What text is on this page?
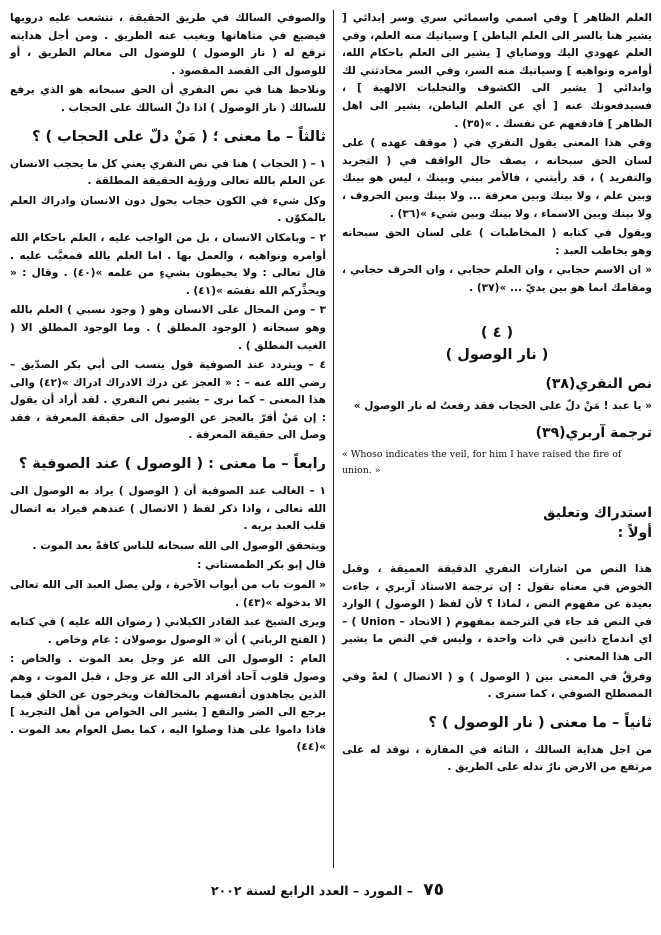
العلم الظاهر ] وفي اسمي واسمائي سري وسر إبدائي [ يشير هنا بالسر الى العلم الباطن ] وسياتيك منه العلم، وفي العلم عهودي اليك ووصاياي [ يشير الى العلم باحكام الله، أوامره ونواهيه ] وسياتيك منه السر، وفي السر محادثتي لك وابدائي [ يشير الى الكشوف والتجليات الالهية ] ، فسيدفعونك عنه [ أي عن العلم الباطن، يشير الى اهل الظاهر ] فادفعهم عن نفسك . »(٣٥) .

وفي هذا المعنى يقول النفري في ( موقف عهده ) على لسان الحق سبحانه ، يصف حال الواقف في ( التجريد والتفريد ) ، قد رأيتني ، فالأمر بيني وبينك ، ليس هو بينك وبين علم ، ولا بينك وبين معرفة ... ولا بينك وبين الحروف ، ولا بينك وبين الاسماء ، ولا بينك وبين شيء »(٣٦) .

ويقول في كتابه ( المخاطبات ) على لسان الحق سبحانه وهو يخاطب العبد :

« ان الاسم حجابي ، وان العلم حجابي ، وان الحرف حجابي ، ومقامك انما هو بين يديّ ... »(٣٧) .

( ٤ )
( نار الوصول )
نص النفري(٣٨)

« يا عبد ! مَنْ دلّ على الحجاب فقد رفعتُ له نار الوصول »

ترجمة آربري(٣٩)

« Whoso indicates the veil, for him I have raised the fire of union. »

استدراك وتعليق
أولاً :

هذا النص من اشارات النفري الدقيقة العميقة ، وقبل الخوض في معناه نقول : إن ترجمة الاستاذ آربري ، جاءت بعيدة عن مفهوم النص ، لماذا ؟ لأن لفظ ( الوصول ) الوارد في النص قد جاء في الترجمة بمفهوم ( الاتحاد – Union ) – اي اندماج ذاتين في ذات واحدة ، وليس في النص ما يشير الى هذا المعنى .

وفرقٌ في المعنى بين ( الوصول ) و ( الاتصال ) لغةً وفي المصطلح الصوفي ، كما سنرى .

ثانياً – ما معنى ( نار الوصول ) ؟

من اجل هداية السالك ، التائه في المفازة ، توقد له على مرتفع من الارض نارٌ تدله على الطريق .

والصوفي السالك في طريق الحقيقة ، تتشعب عليه دروبها فيضيع في متاهاتها ويغيب عنه الطريق . ومن أجل هدايته ترفع له ( نار الوصول ) للوصول الى معالم الطريق ، أو للوصول الى القصد المقصود .

ونلاحظ هنا في نص النفري أن الحق سبحانه هو الذي يرفع للسالك ( نار الوصول ) اذا دلّ السالك على الحجاب .

ثالثاً – ما معنى ؛ ( مَنْ دلّ على الحجاب ) ؟

١ – ( الحجاب ) هنا في نص النفري يعني كل ما يحجب الانسان عن العلم بالله تعالى ورؤية الحقيقة المطلقة .

وكل شيء في الكون حجاب يحول دون الانسان وادراك العلم بالمكوّن .

٢ – وبامكان الانسان ، بل من الواجب عليه ، العلم باحكام الله أوامره ونواهيه ، والعمل بها . اما العلم بالله فمغيَّب عليه . قال تعالى : ولا يحيطون بشيءٍ من علمه »(٤٠) . وقال : « ويحذِّركم الله نفسَه »(٤١) .

٣ – ومن المحال على الانسان وهو ( وجود نسبي ) العلم بالله وهو سبحانه ( الوجود المطلق ) . وما الوجود المطلق الا ( الغيب المطلق ) .

٤ – ويتردد عند الصوفية قول ينسب الى أبي بكر الصدّيق – رضي الله عنه – : « العجز عن درك الادراك ادراك »(٤٢) والى هذا المعنى – كما نرى – يشير نص النفري . لقد أراد أن يقول : إن مَنْ أقرّ بالعجز عن الوصول الى حقيقة المعرفة ، فقد وصل الى حقيقة المعرفة .

رابعاً – ما معنى : ( الوصول ) عند الصوفية ؟

١ – الغالب عند الصوفية أن ( الوصول ) يراد به الوصول الى الله تعالى ، واذا ذكر لفظ ( الاتصال ) عندهم فيراد به اتصال قلب العبد بربه .

ويتحقق الوصول الى الله سبحانه للناس كافةً بعد الموت .

قال إبو بكر الطمستاني :

« الموت باب من أبواب الآخرة ، ولن يصل العبد الى الله تعالى الا بدخوله »(٤٣) .

ويرى الشيخ عبد القادر الكيلاني ( رضوان الله عليه ) في كتابه ( الفتح الرباني ) أن « الوصول بوصولان : عام وخاص .

العام : الوصول الى الله عز وجل بعد الموت . والخاص : وصول قلوب آحاد أفراد الى الله عز وجل ، قبل الموت ، وهم الذين يجاهدون أنفسهم بالمخالفات ويخرجون عن الخلق فيما يرجع الى الضر والنفع [ يشير الى الخواص من أهل التجريد ] فاذا داموا على هذا وصلوا اليه ، كما يصل العوام بعد الموت . »(٤٤)

٧٥ – المورد – العدد الرابع لسنة ٢٠٠٢
